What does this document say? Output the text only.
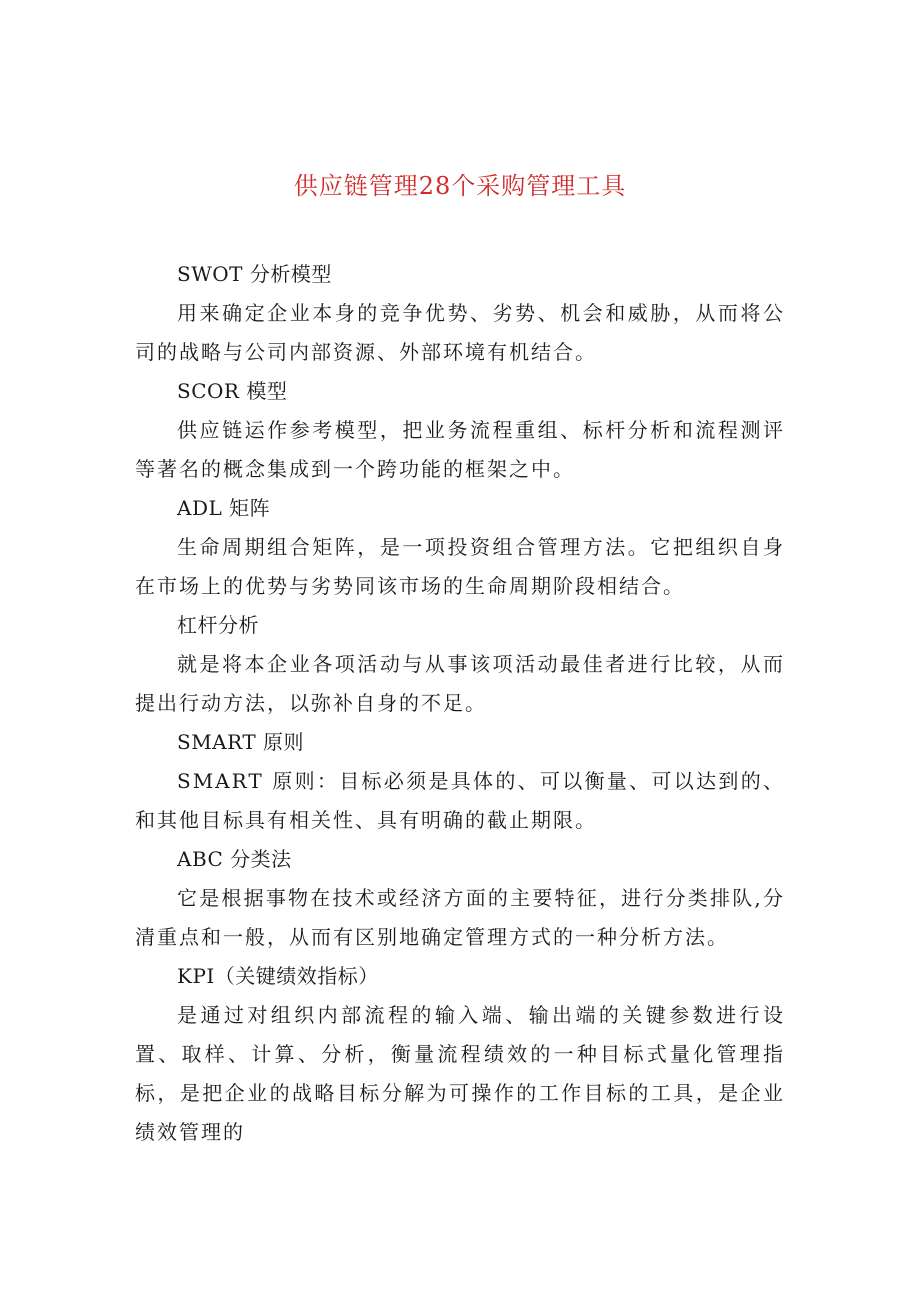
供应链管理28个采购管理工具
SWOT 分析模型

用来确定企业本身的竞争优势、劣势、机会和威胁，从而将公司的战略与公司内部资源、外部环境有机结合。

SCOR 模型

供应链运作参考模型，把业务流程重组、标杆分析和流程测评等著名的概念集成到一个跨功能的框架之中。

ADL 矩阵

生命周期组合矩阵，是一项投资组合管理方法。它把组织自身在市场上的优势与劣势同该市场的生命周期阶段相结合。

杠杆分析

就是将本企业各项活动与从事该项活动最佳者进行比较，从而提出行动方法，以弥补自身的不足。

SMART 原则

SMART 原则：目标必须是具体的、可以衡量、可以达到的、和其他目标具有相关性、具有明确的截止期限。

ABC 分类法

它是根据事物在技术或经济方面的主要特征，进行分类排队,分清重点和一般，从而有区别地确定管理方式的一种分析方法。

KPI（关键绩效指标）

是通过对组织内部流程的输入端、输出端的关键参数进行设置、取样、计算、分析，衡量流程绩效的一种目标式量化管理指标，是把企业的战略目标分解为可操作的工作目标的工具，是企业绩效管理的
